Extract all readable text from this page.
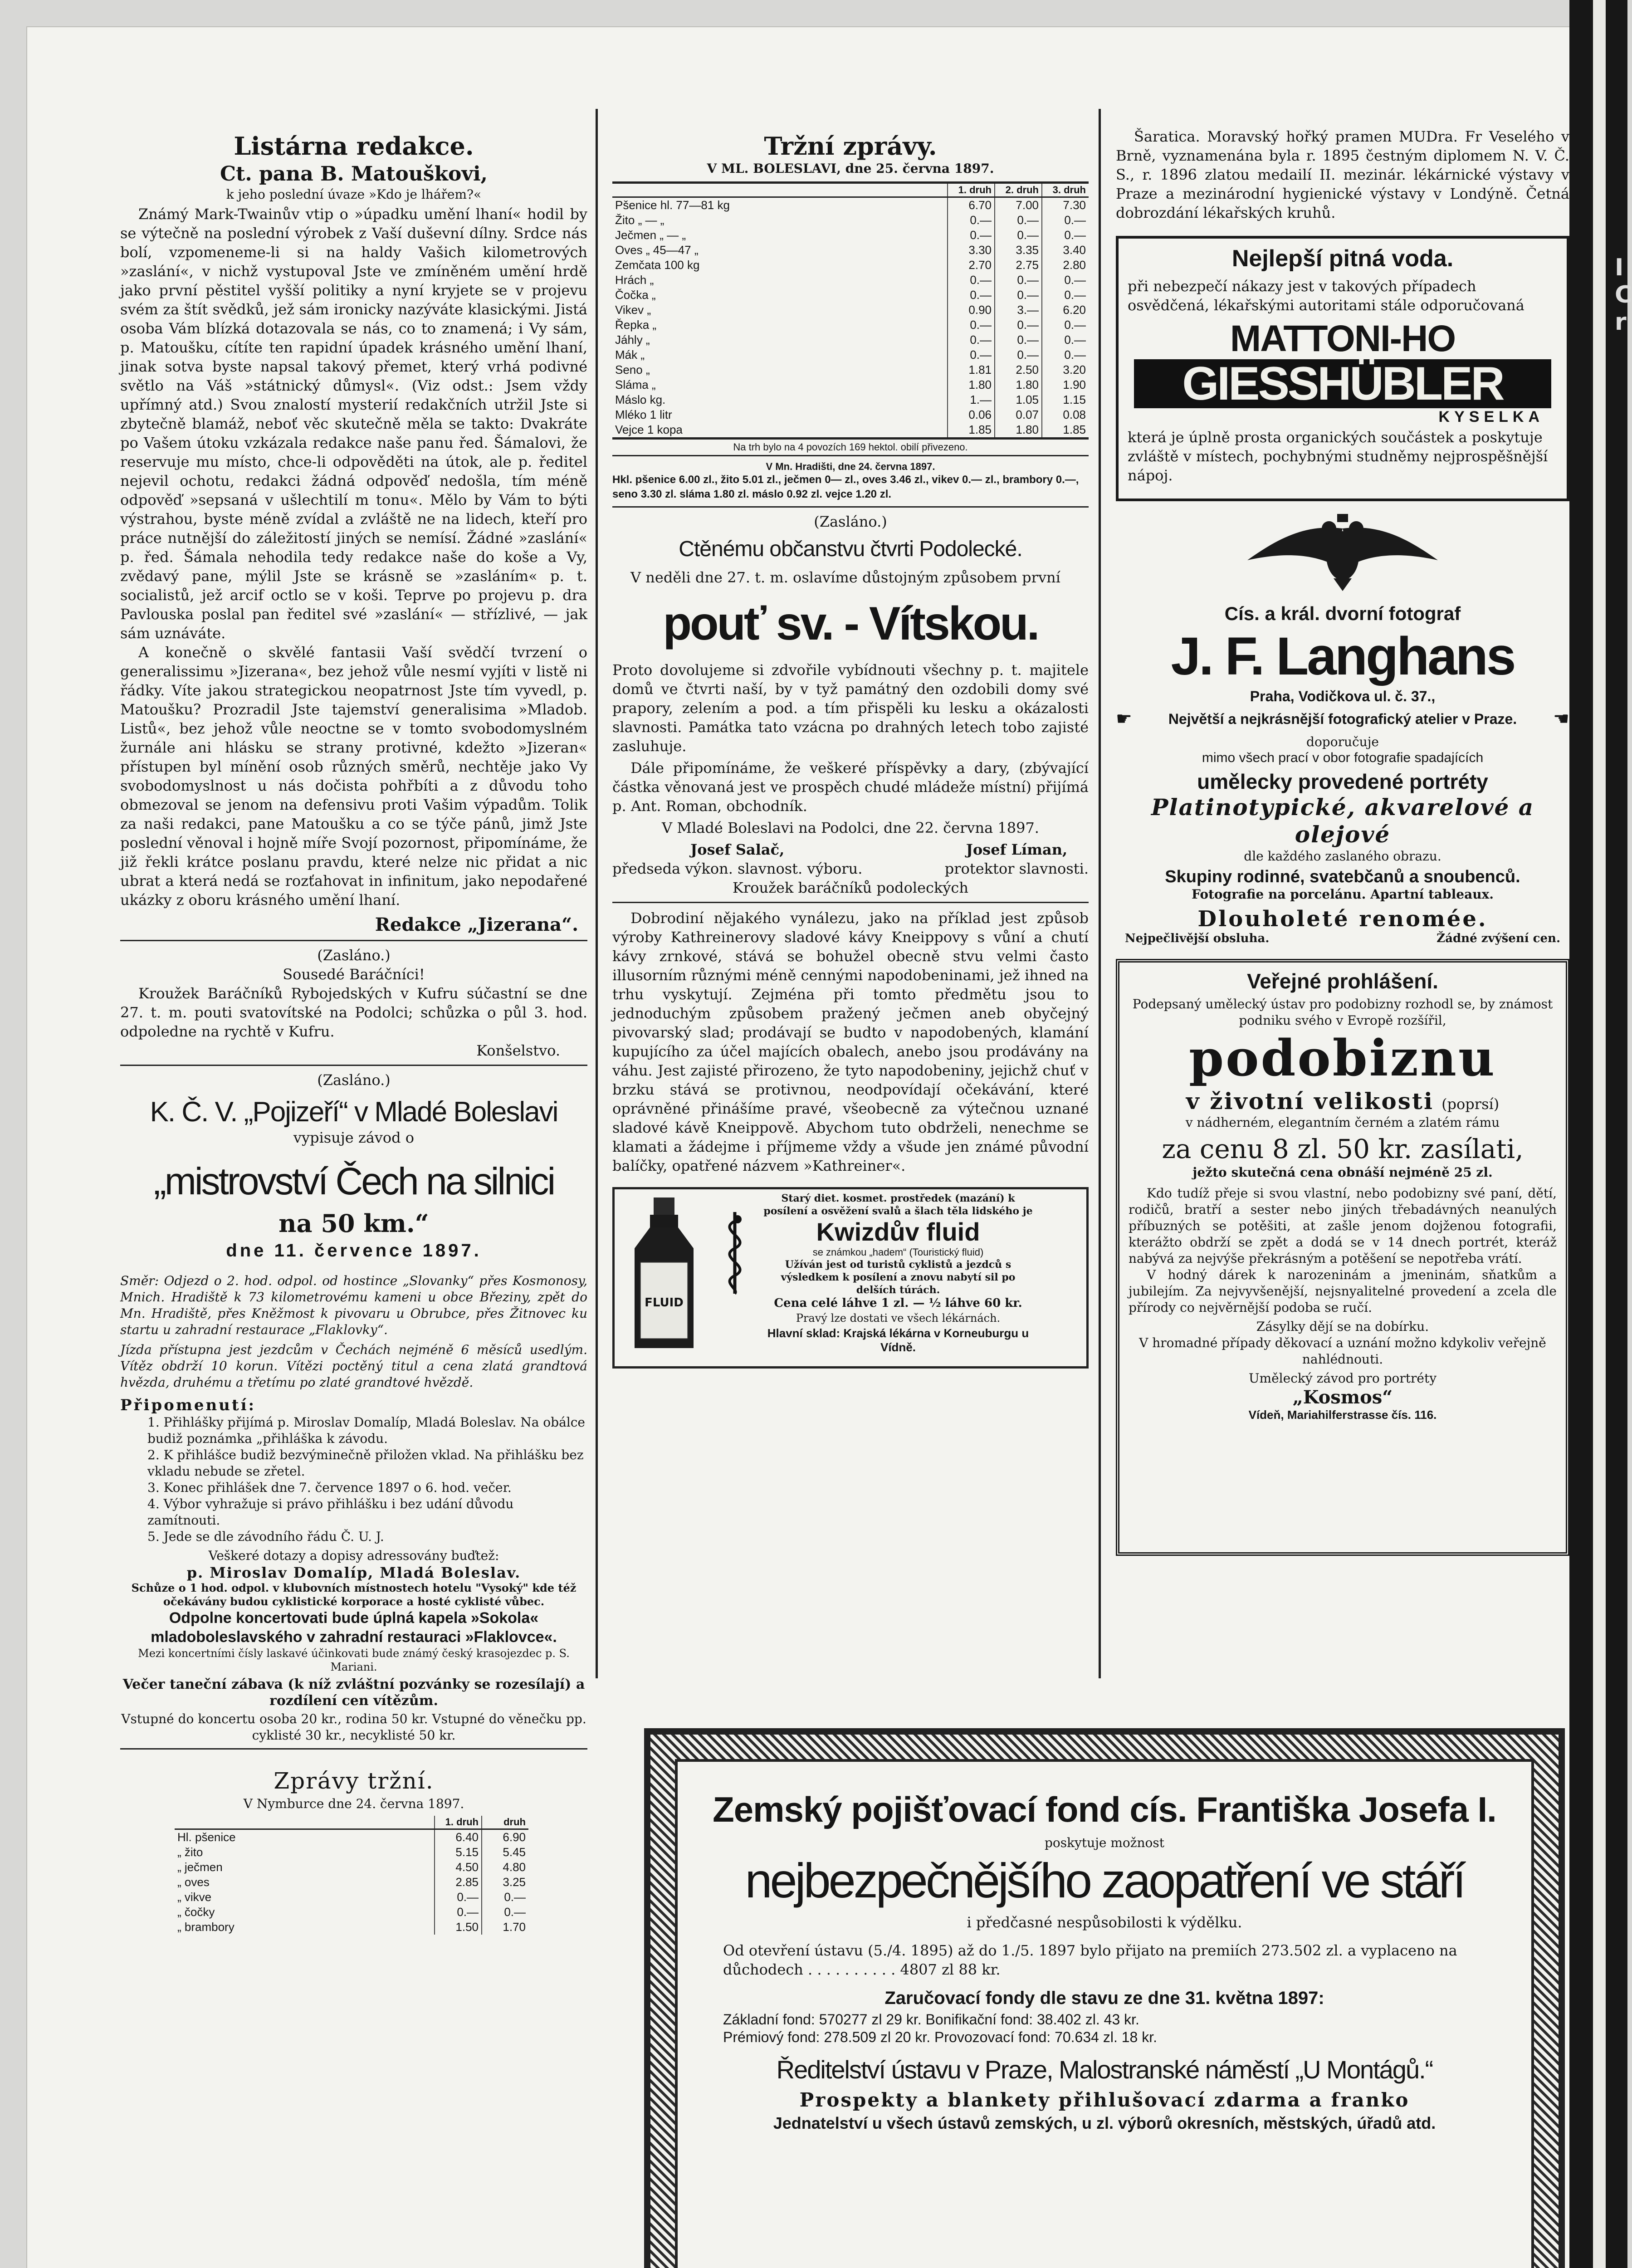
Listárna redakce.
Ct. pana B. Matouškovi,
k jeho poslední úvaze »Kdo je lhářem?«

Známý Mark-Twainův vtip o »úpadku umění lhaní« hodil by se výtečně na poslední výrobek z Vaší duševní dílny. Srdce nás bolí, vzpomeneme-li si na haldy Vašich kilometrových »zaslání«, v nichž vystupoval Jste ve zmíněném umění hrdě jako první pěstitel vyšší politiky a nyní kryjete se v projevu svém za štít svědků, jež sám ironicky nazýváte klasickými. Jistá osoba Vám blízká dotazovala se nás, co to znamená; i Vy sám, p. Matoušku, cítíte ten rapidní úpadek krásného umění lhaní, jinak sotva byste napsal takový přemet, který vrhá podivné světlo na Váš »státnický důmysl«. (Viz odst.: Jsem vždy upřímný atd.) Svou znalostí mysterií redakčních utržil Jste si zbytečně blamáž, neboť věc skutečně měla se takto: Dvakráte po Vašem útoku vzkázala redakce naše panu řed. Šámalovi, že reservuje mu místo, chce-li odpověděti na útok, ale p. ředitel nejevil ochotu, redakci žádná odpověď nedošla, tím méně odpověď »sepsaná v ušlechtilí m tonu«. Mělo by Vám to býti výstrahou, byste méně zvídal a zvláště ne na lidech, kteří pro práce nutnější do záležitostí jiných se nemísí. Žádné »zaslání« p. řed. Šámala nehodila tedy redakce naše do koše a Vy, zvědavý pane, mýlil Jste se krásně se »zasláním« p. t. socialistů, jež arcif octlo se v koši. Teprve po projevu p. dra Pavlouska poslal pan ředitel své »zaslání« — střízlivé, — jak sám uznáváte.

A konečně o skvělé fantasii Vaší svědčí tvrzení o generalissimu »Jizerana«, bez jehož vůle nesmí vyjíti v listě ni řádky. Víte jakou strategickou neopatrnost Jste tím vyvedl, p. Matoušku? Prozradil Jste tajemství generalisima »Mladob. Listů«, bez jehož vůle neoctne se v tomto svobodomyslném žurnále ani hlásku se strany protivné, kdežto »Jizeran« přístupen byl mínění osob různých směrů, nechtěje jako Vy svobodomyslnost u nás dočista pohřbíti a z důvodu toho obmezoval se jenom na defensivu proti Vašim výpadům. Tolik za naši redakci, pane Matoušku a co se týče pánů, jimž Jste poslední věnoval i hojně míře Svojí pozornost, připomínáme, že již řekli krátce poslanu pravdu, které nelze nic přidat a nic ubrat a která nedá se rozťahovat in infinitum, jako nepodařené ukázky z oboru krásného umění lhaní.

Redakce „Jizerana“.
(Zasláno.)
Sousedé Baráčníci!

Kroužek Baráčníků Rybojedských v Kufru súčastní se dne 27. t. m. pouti svatovítské na Podolci; schůzka o půl 3. hod. odpoledne na rychtě v Kufru.

Konšelstvo.
(Zasláno.)
K. Č. V. „Pojizeří“ v Mladé Boleslavi
vypisuje závod o
„mistrovství Čech na silnici
na 50 km.“
dne 11. července 1897.

Směr: Odjezd o 2. hod. odpol. od hostince „Slovanky“ přes Kosmonosy, Mnich. Hradiště k 73 kilometrovému kameni u obce Březiny, zpět do Mn. Hradiště, přes Kněžmost k pivovaru u Obrubce, přes Žitnovec ku startu u zahradní restaurace „Flaklovky“.

Jízda přístupna jest jezdcům v Čechách nejméně 6 měsíců usedlým. Vítěz obdrží 10 korun. Vítězi poctěný titul a cena zlatá grandtová hvězda, druhému a třetímu po zlaté grandtové hvězdě.

Připomenutí:

1. Přihlášky přijímá p. Miroslav Domalíp, Mladá Boleslav. Na obálce budiž poznámka „přihláška k závodu.

2. K přihlášce budiž bezvýminečně přiložen vklad. Na přihlášku bez vkladu nebude se zřetel.

3. Konec přihlášek dne 7. července 1897 o 6. hod. večer.

4. Výbor vyhražuje si právo přihlášku i bez udání důvodu zamítnouti.

5. Jede se dle závodního řádu Č. U. J.

Veškeré dotazy a dopisy adressovány buďtež:

p. Miroslav Domalíp, Mladá Boleslav.

Schůze o 1 hod. odpol. v klubovních místnostech hotelu "Vysoký" kde též očekávány budou cyklistické korporace a hosté cyklisté vůbec.

Odpolne koncertovati bude úplná kapela »Sokola« mladoboleslavského v zahradní restauraci »Flaklovce«.

Mezi koncertními čísly laskavé účinkovati bude známý český krasojezdec p. S. Mariani.

Večer taneční zábava (k níž zvláštní pozvánky se rozesílají) a rozdílení cen vítězům.

Vstupné do koncertu osoba 20 kr., rodina 50 kr. Vstupné do věnečku pp. cyklisté 30 kr., necyklisté 50 kr.

Zprávy tržní.
V Nymburce dne 24. června 1897.
	1. druh	druh
Hl. pšenice	6.40	6.90
„ žito	5.15	5.45
„ ječmen	4.50	4.80
„ oves	2.85	3.25
„ vikve	0.—	0.—
„ čočky	0.—	0.—
„ brambory	1.50	1.70
Tržní zprávy.
V ML. BOLESLAVI, dne 25. června 1897.
	1. druh	2. druh	3. druh
Pšenice hl. 77—81 kg	6.70	7.00	7.30
Žito „ — „	0.—	0.—	0.—
Ječmen „ — „	0.—	0.—	0.—
Oves „ 45—47 „	3.30	3.35	3.40
Zemčata 100 kg	2.70	2.75	2.80
Hrách „	0.—	0.—	0.—
Čočka „	0.—	0.—	0.—
Vikev „	0.90	3.—	6.20
Řepka „	0.—	0.—	0.—
Jáhly „	0.—	0.—	0.—
Mák „	0.—	0.—	0.—
Seno „	1.81	2.50	3.20
Sláma „	1.80	1.80	1.90
Máslo kg.	1.—	1.05	1.15
Mléko 1 litr	0.06	0.07	0.08
Vejce 1 kopa	1.85	1.80	1.85
Na trh bylo na 4 povozích 169 hektol. obilí přivezeno.
V Mn. Hradišti, dne 24. června 1897.

Hkl. pšenice 6.00 zl., žito 5.01 zl., ječmen 0— zl., oves 3.46 zl., vikev 0.— zl., brambory 0.—, seno 3.30 zl. sláma 1.80 zl. máslo 0.92 zl. vejce 1.20 zl.

(Zasláno.)
Ctěnému občanstvu čtvrti Podolecké.

V neděli dne 27. t. m. oslavíme důstojným způsobem první

pouť sv. - Vítskou.

Proto dovolujeme si zdvořile vybídnouti všechny p. t. majitele domů ve čtvrti naší, by v tyž památný den ozdobili domy své prapory, zelením a pod. a tím přispěli ku lesku a okázalosti slavnosti. Památka tato vzácna po drahných letech tobo zajisté zasluhuje.

Dále připomínáme, že veškeré příspěvky a dary, (zbývající částka věnovaná jest ve prospěch chudé mládeže místní) přijímá p. Ant. Roman, obchodník.

V Mladé Boleslavi na Podolci, dne 22. června 1897.

Josef Salač,
předseda výkon. slavnost. výboru.
Josef Líman,
protektor slavnosti.
Kroužek baráčníků podoleckých

Dobrodiní nějakého vynálezu, jako na příklad jest způsob výroby Kathreinerovy sladové kávy Kneippovy s vůní a chutí kávy zrnkové, stává se bohužel obecně stvu velmi často illusorním různými méně cennými napodobeninami, jež ihned na trhu vyskytují. Zejména při tomto předmětu jsou to jednoduchým způsobem pražený ječmen aneb obyčejný pivovarský slad; prodávají se budto v napodobených, klamání kupujícího za účel majících obalech, anebo jsou prodávány na váhu. Jest zajisté přirozeno, že tyto napodobeniny, jejichž chuť v brzku stává se protivnou, neodpovídají očekávání, které oprávněné přinášíme pravé, všeobecně za výtečnou uznané sladové kávě Kneippově. Abychom tuto obdrželi, nenechme se klamati a žádejme i příjmeme vždy a všude jen známé původní balíčky, opatřené názvem »Kathreiner«.

FLUID
Starý diet. kosmet. prostředek (mazání) k posílení a osvěžení svalů a šlach těla lidského je
Kwizdův fluid
se známkou „hadem“ (Touristický fluid)
Užíván jest od turistů cyklistů a jezdců s výsledkem k posílení a znovu nabytí sil po delších túrách.
Cena celé láhve 1 zl. — ½ láhve 60 kr.
Pravý lze dostati ve všech lékárnách.
Hlavní sklad: Krajská lékárna v Korneuburgu u Vídně.

Šaratica. Moravský hořký pramen MUDra. Fr Veselého v Brně, vyznamenána byla r. 1895 čestným diplomem N. V. Č. S., r. 1896 zlatou medailí II. mezinár. lékárnické výstavy v Praze a mezinárodní hygienické výstavy v Londýně. Četná dobrozdání lékařských kruhů.

Nejlepší pitná voda.

při nebezpečí nákazy jest v takových případech osvědčená, lékařskými autoritami stále odporučovaná

MATTONI-HO
GIESSHÜBLER
KYSELKA

která je úplně prosta organických součástek a poskytuje zvláště v místech, pochybnými studněmy nejprospěšnější nápoj.

Cís. a král. dvorní fotograf
J. F. Langhans
Praha, Vodičkova ul. č. 37.,
☛	Největší a nejkrásnější fotografický atelier v Praze.	☛
doporučuje
mimo všech prací v obor fotografie spadajících
umělecky provedené portréty
Platinotypické, akvarelové a olejové
dle každého zaslaného obrazu.
Skupiny rodinné, svatebčanů a snoubenců.
Fotografie na porcelánu. Apartní tableaux.
Dlouholeté renomée.
Nejpečlivější obsluha.	Žádné zvýšení cen.
Veřejné prohlášení.

Podepsaný umělecký ústav pro podobizny rozhodl se, by známost podniku svého v Evropě rozšířil,

podobiznu
v životní velikosti (poprsí)
v nádherném, elegantním černém a zlatém rámu
za cenu 8 zl. 50 kr. zasílati,
ježto skutečná cena obnáší nejméně 25 zl.

Kdo tudíž přeje si svou vlastní, nebo podobizny své paní, dětí, rodičů, bratří a sester nebo jiných třebadávných neanulých příbuzných se potěšiti, at zašle jenom dojženou fotografii, kterážto obdrží se zpět a dodá se v 14 dnech portrét, kteráž nabývá za nejvýše překrásným a potěšení se nepotřeba vrátí.

V hodný dárek k narozeninám a jmeninám, sňatkům a jubilejím. Za nejvyvšenější, nejsnyalitelné provedení a zcela dle přírody co nejvěrnější podoba se ručí.

Zásylky dějí se na dobírku.

V hromadné případy děkovací a uznání možno kdykoliv veřejně nahlédnouti.

Umělecký závod pro portréty
„Kosmos“
Vídeň, Mariahilferstrasse čís. 116.
Zemský pojišťovací fond cís. Františka Josefa I.
poskytuje možnost
nejbezpečnějšího zaopatření ve stáří
i předčasné nespůsobilosti k výdělku.

Od otevření ústavu (5./4. 1895) až do 1./5. 1897 bylo přijato na premiích 273.502 zl. a vyplaceno na důchodech . . . . . . . . . . 4807 zl 88 kr.

Zaručovací fondy dle stavu ze dne 31. května 1897:
Základní fond: 570277 zl 29 kr. Bonifikační fond: 38.402 zl. 43 kr.
Prémiový fond: 278.509 zl 20 kr. Provozovací fond: 70.634 zl. 18 kr.
Ředitelství ústavu v Praze, Malostranské náměstí „U Montágů.“
Prospekty a blankety přihlušovací zdarma a franko
Jednatelství u všech ústavů zemských, u zl. výborů okresních, městských, úřadů atd.
I
C
r
